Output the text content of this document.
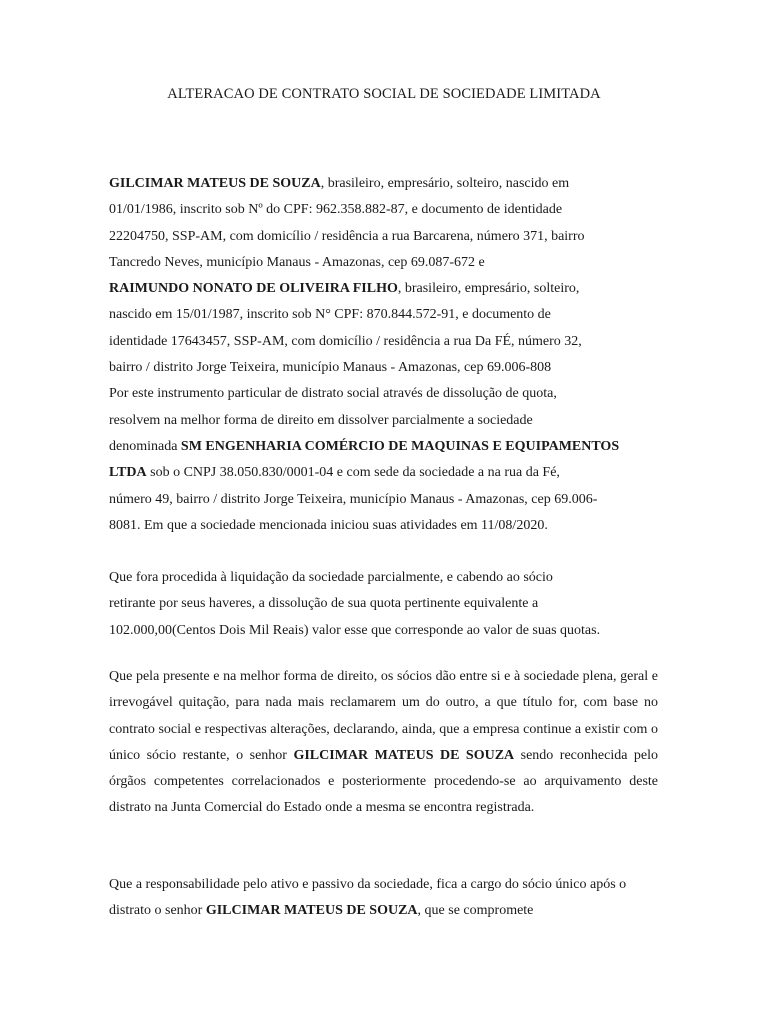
ALTERACAO DE CONTRATO SOCIAL DE SOCIEDADE LIMITADA
GILCIMAR MATEUS DE SOUZA, brasileiro, empresário, solteiro, nascido em
01/01/1986, inscrito sob Nº do CPF: 962.358.882-87, e documento de identidade
22204750, SSP-AM, com domicílio / residência a rua Barcarena, número 371, bairro
Tancredo Neves, município Manaus - Amazonas, cep 69.087-672 e
RAIMUNDO NONATO DE OLIVEIRA FILHO, brasileiro, empresário, solteiro,
nascido em 15/01/1987, inscrito sob N° CPF: 870.844.572-91, e documento de
identidade 17643457, SSP-AM, com domicílio / residência a rua Da FÉ, número 32,
bairro / distrito Jorge Teixeira, município Manaus - Amazonas, cep 69.006-808
Por este instrumento particular de distrato social através de dissolução de quota,
resolvem na melhor forma de direito em dissolver parcialmente a sociedade
denominada SM ENGENHARIA COMÉRCIO DE MAQUINAS E EQUIPAMENTOS
LTDA sob o CNPJ 38.050.830/0001-04 e com sede da sociedade a na rua da Fé,
número 49, bairro / distrito Jorge Teixeira, município Manaus - Amazonas, cep 69.006-
8081. Em que a sociedade mencionada iniciou suas atividades em 11/08/2020.
Que fora procedida à liquidação da sociedade parcialmente, e cabendo ao sócio
retirante por seus haveres, a dissolução de sua quota pertinente equivalente a
102.000,00(Centos Dois Mil Reais) valor esse que corresponde ao valor de suas quotas.

Que pela presente e na melhor forma de direito, os sócios dão entre si e à sociedade plena, geral e irrevogável quitação, para nada mais reclamarem um do outro, a que título for, com base no contrato social e respectivas alterações, declarando, ainda, que a empresa continue a existir com o único sócio restante, o senhor GILCIMAR MATEUS DE SOUZA sendo reconhecida pelo órgãos competentes correlacionados e posteriormente procedendo-se ao arquivamento deste distrato na Junta Comercial do Estado onde a mesma se encontra registrada.

Que a responsabilidade pelo ativo e passivo da sociedade, fica a cargo do sócio único após o distrato o senhor GILCIMAR MATEUS DE SOUZA, que se compromete
